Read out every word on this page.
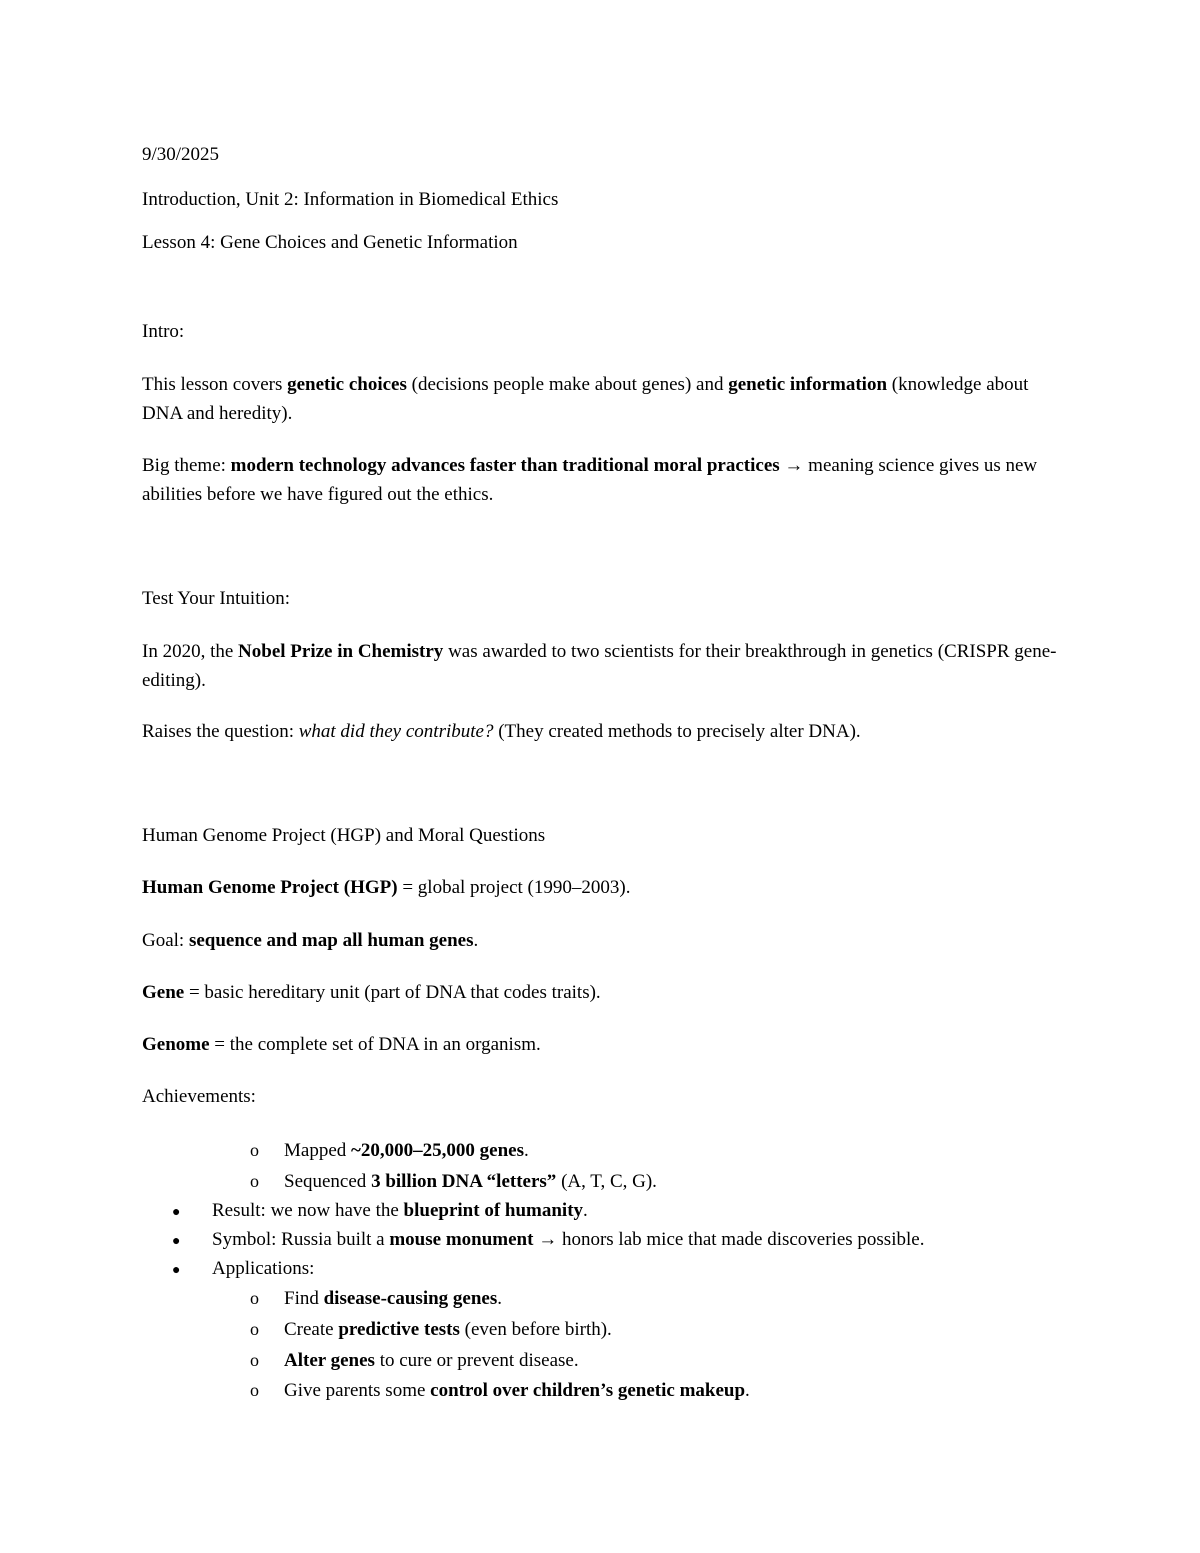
9/30/2025
Introduction, Unit 2: Information in Biomedical Ethics
Lesson 4: Gene Choices and Genetic Information
Intro:
This lesson covers genetic choices (decisions people make about genes) and genetic information (knowledge about DNA and heredity).
Big theme: modern technology advances faster than traditional moral practices → meaning science gives us new abilities before we have figured out the ethics.
Test Your Intuition:
In 2020, the Nobel Prize in Chemistry was awarded to two scientists for their breakthrough in genetics (CRISPR gene-editing).
Raises the question: what did they contribute? (They created methods to precisely alter DNA).
Human Genome Project (HGP) and Moral Questions
Human Genome Project (HGP) = global project (1990–2003).
Goal: sequence and map all human genes.
Gene = basic hereditary unit (part of DNA that codes traits).
Genome = the complete set of DNA in an organism.
Achievements:
o Mapped ~20,000–25,000 genes.
o Sequenced 3 billion DNA “letters” (A, T, C, G).
● Result: we now have the blueprint of humanity.
● Symbol: Russia built a mouse monument → honors lab mice that made discoveries possible.
● Applications:
o Find disease-causing genes.
o Create predictive tests (even before birth).
o Alter genes to cure or prevent disease.
o Give parents some control over children’s genetic makeup.
